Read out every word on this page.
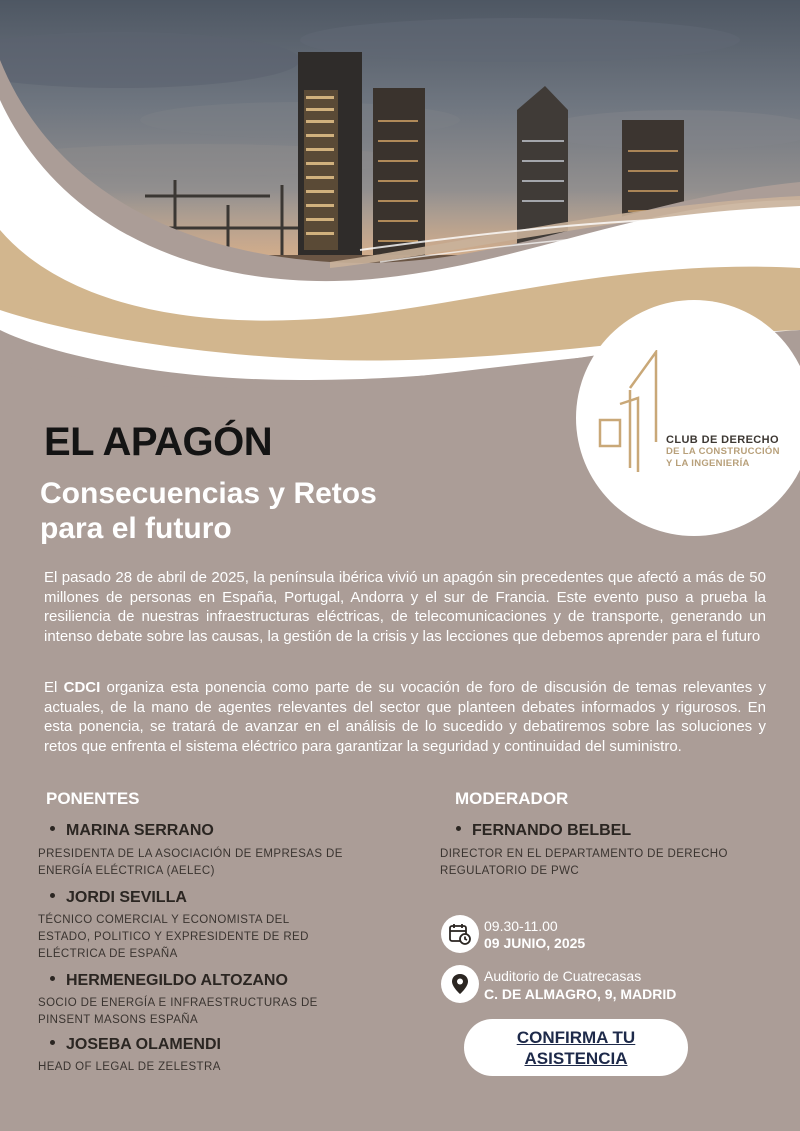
CLUB DE DERECHO
DE LA CONSTRUCCIÓN
Y LA INGENIERÍA
EL APAGÓN
Consecuencias y Retos
para el futuro

El pasado 28 de abril de 2025, la península ibérica vivió un apagón sin precedentes que afectó a más de 50 millones de personas en España, Portugal, Andorra y el sur de Francia. Este evento puso a prueba la resiliencia de nuestras infraestructuras eléctricas, de telecomunicaciones y de transporte, generando un intenso debate sobre las causas, la gestión de la crisis y las lecciones que debemos aprender para el futuro

El CDCI organiza esta ponencia como parte de su vocación de foro de discusión de temas relevantes y actuales, de la mano de agentes relevantes del sector que planteen debates informados y rigurosos. En esta ponencia, se tratará de avanzar en el análisis de lo sucedido y debatiremos sobre las soluciones y retos que enfrenta el sistema eléctrico para garantizar la seguridad y continuidad del suministro.

PONENTES

MARINA SERRANO

PRESIDENTA DE LA ASOCIACIÓN DE EMPRESAS DE
ENERGÍA ELÉCTRICA (AELEC)

JORDI SEVILLA

TÉCNICO COMERCIAL Y ECONOMISTA DEL
ESTADO, POLITICO Y EXPRESIDENTE DE RED
ELÉCTRICA DE ESPAÑA

HERMENEGILDO ALTOZANO

SOCIO DE ENERGÍA E INFRAESTRUCTURAS DE
PINSENT MASONS ESPAÑA

JOSEBA OLAMENDI

HEAD OF LEGAL DE ZELESTRA

MODERADOR

FERNANDO BELBEL

DIRECTOR EN EL DEPARTAMENTO DE DERECHO
REGULATORIO DE PWC

09.30-11.00

09 JUNIO, 2025

Auditorio de Cuatrecasas

C. DE ALMAGRO, 9, MADRID

CONFIRMA TU
ASISTENCIA
